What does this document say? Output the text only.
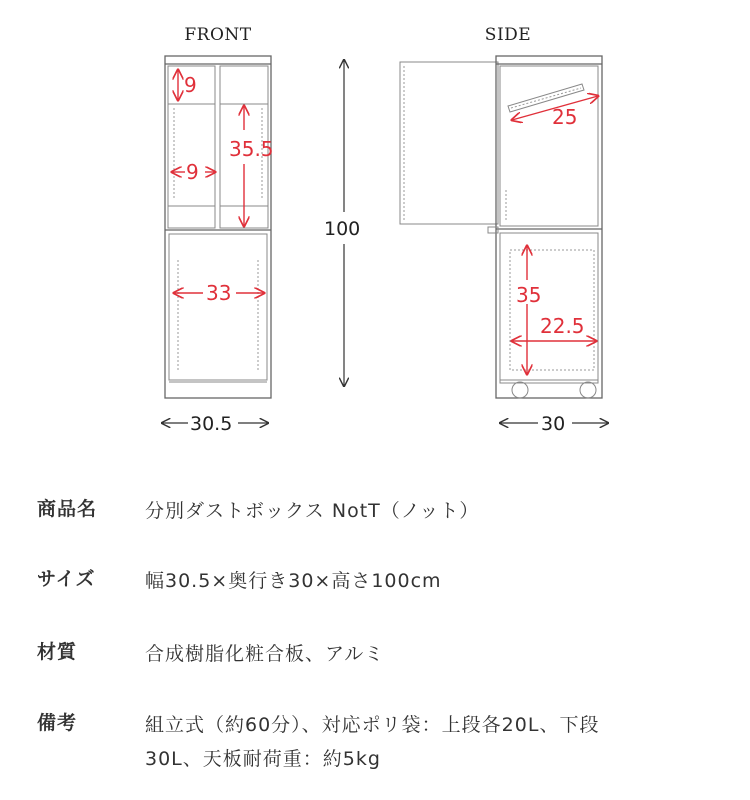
FRONT	SIDE
9
9
35.5
33
30.5
100
25
35
22.5
30
商品名	分別ダストボックス NotT（ノット）
サイズ	幅30.5×奥行き30×高さ100cm
材質	合成樹脂化粧合板、アルミ
備考	組立式（約60分）、対応ポリ袋：上段各20L、下段
30L、天板耐荷重：約5kg
